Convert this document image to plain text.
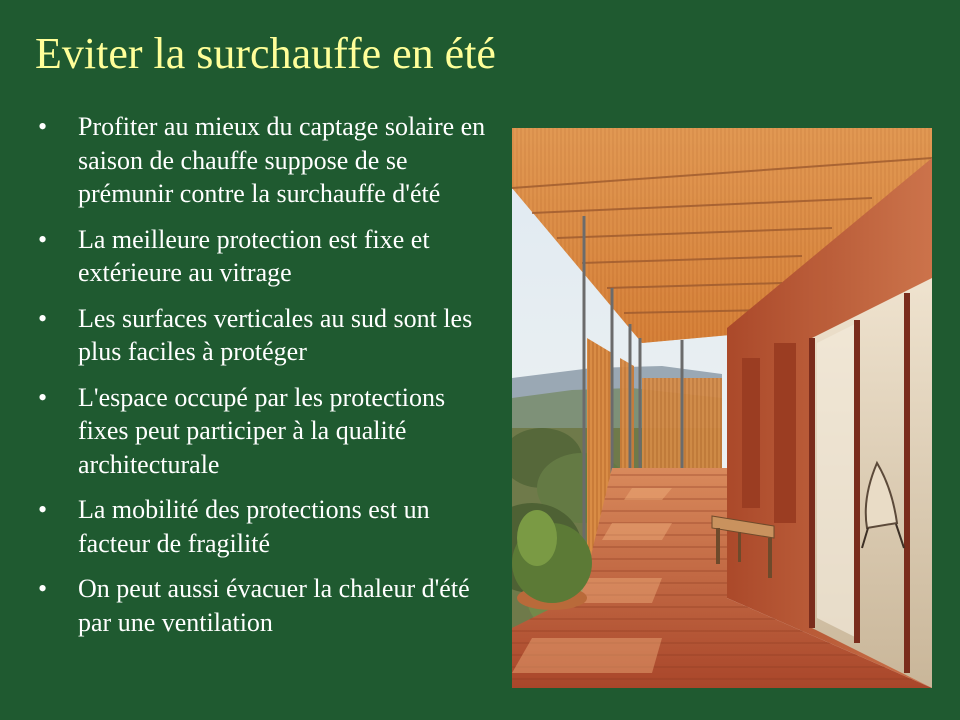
Eviter la surchauffe en été
• Profiter au mieux du captage solaire en saison de chauffe suppose de se prémunir contre la surchauffe d'été
• La meilleure protection est fixe et extérieure au vitrage
• Les surfaces verticales au sud sont les plus faciles à protéger
• L'espace occupé par les protections fixes peut participer à la qualité architecturale
• La mobilité des protections est un facteur de fragilité
• On peut aussi évacuer la chaleur d'été par une ventilation
